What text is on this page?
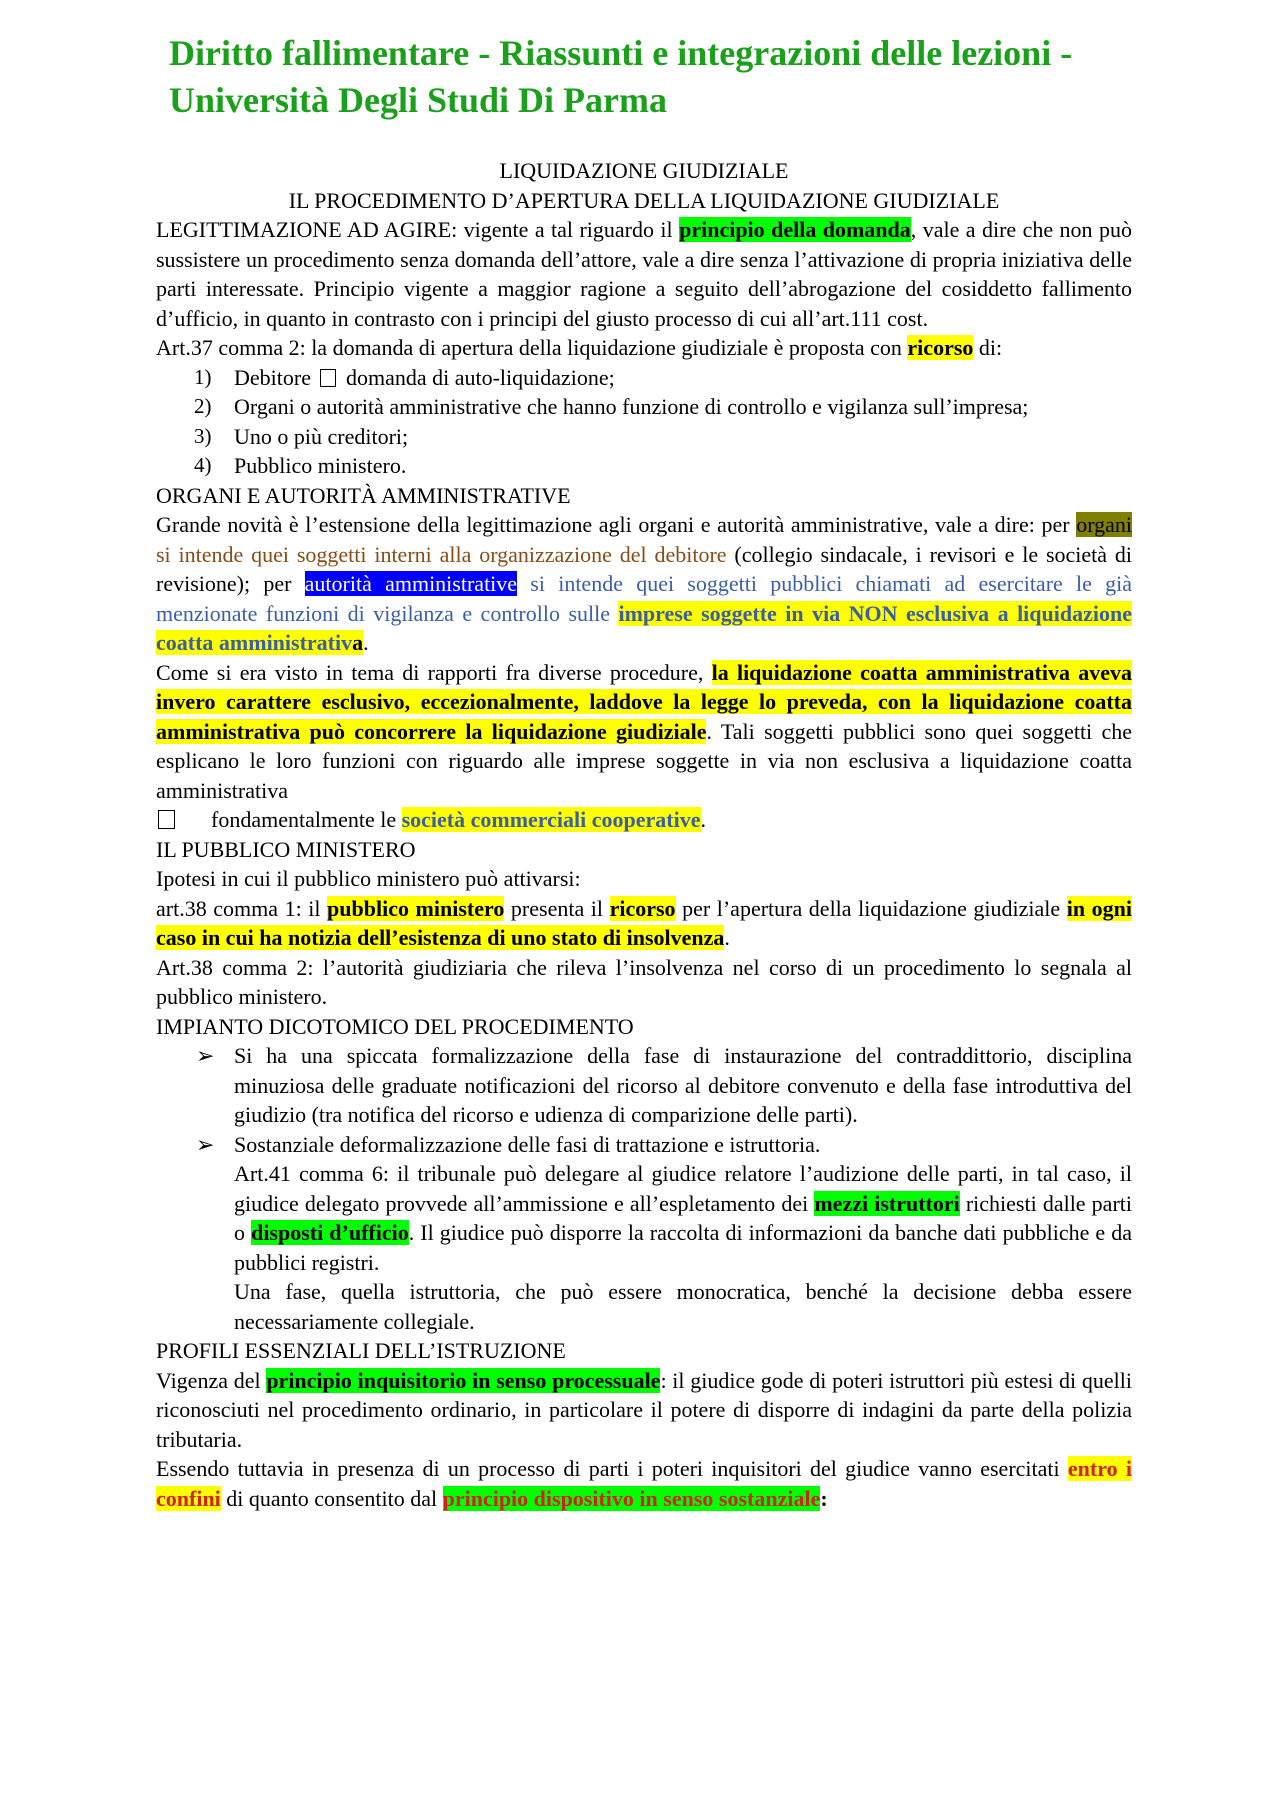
Diritto fallimentare - Riassunti e integrazioni delle lezioni - Università Degli Studi Di Parma
LIQUIDAZIONE GIUDIZIALE
IL PROCEDIMENTO D’APERTURA DELLA LIQUIDAZIONE GIUDIZIALE

LEGITTIMAZIONE AD AGIRE: vigente a tal riguardo il principio della domanda, vale a dire che non può sussistere un procedimento senza domanda dell’attore, vale a dire senza l’attivazione di propria iniziativa delle parti interessate. Principio vigente a maggior ragione a seguito dell’abrogazione del cosiddetto fallimento d’ufficio, in quanto in contrasto con i principi del giusto processo di cui all’art.111 cost.

Art.37 comma 2: la domanda di apertura della liquidazione giudiziale è proposta con ricorso di:

1) Debitore domanda di auto-liquidazione;
2) Organi o autorità amministrative che hanno funzione di controllo e vigilanza sull’impresa;
3) Uno o più creditori;
4) Pubblico ministero.
ORGANI E AUTORITÀ AMMINISTRATIVE

Grande novità è l’estensione della legittimazione agli organi e autorità amministrative, vale a dire: per organi si intende quei soggetti interni alla organizzazione del debitore (collegio sindacale, i revisori e le società di revisione); per autorità amministrative si intende quei soggetti pubblici chiamati ad esercitare le già menzionate funzioni di vigilanza e controllo sulle imprese soggette in via NON esclusiva a liquidazione coatta amministrativa.

Come si era visto in tema di rapporti fra diverse procedure, la liquidazione coatta amministrativa aveva invero carattere esclusivo, eccezionalmente, laddove la legge lo preveda, con la liquidazione coatta amministrativa può concorrere la liquidazione giudiziale. Tali soggetti pubblici sono quei soggetti che esplicano le loro funzioni con riguardo alle imprese soggette in via non esclusiva a liquidazione coatta amministrativa
fondamentalmente le società commerciali cooperative.

IL PUBBLICO MINISTERO

Ipotesi in cui il pubblico ministero può attivarsi:

art.38 comma 1: il pubblico ministero presenta il ricorso per l’apertura della liquidazione giudiziale in ogni caso in cui ha notizia dell’esistenza di uno stato di insolvenza.

Art.38 comma 2: l’autorità giudiziaria che rileva l’insolvenza nel corso di un procedimento lo segnala al pubblico ministero.

IMPIANTO DICOTOMICO DEL PROCEDIMENTO
➢ Si ha una spiccata formalizzazione della fase di instaurazione del contraddittorio, disciplina minuziosa delle graduate notificazioni del ricorso al debitore convenuto e della fase introduttiva del giudizio (tra notifica del ricorso e udienza di comparizione delle parti).
➢ Sostanziale deformalizzazione delle fasi di trattazione e istruttoria.

Art.41 comma 6: il tribunale può delegare al giudice relatore l’audizione delle parti, in tal caso, il giudice delegato provvede all’ammissione e all’espletamento dei mezzi istruttori richiesti dalle parti o disposti d’ufficio. Il giudice può disporre la raccolta di informazioni da banche dati pubbliche e da pubblici registri.

Una fase, quella istruttoria, che può essere monocratica, benché la decisione debba essere necessariamente collegiale.

PROFILI ESSENZIALI DELL’ISTRUZIONE

Vigenza del principio inquisitorio in senso processuale: il giudice gode di poteri istruttori più estesi di quelli riconosciuti nel procedimento ordinario, in particolare il potere di disporre di indagini da parte della polizia tributaria.

Essendo tuttavia in presenza di un processo di parti i poteri inquisitori del giudice vanno esercitati entro i confini di quanto consentito dal principio dispositivo in senso sostanziale:
